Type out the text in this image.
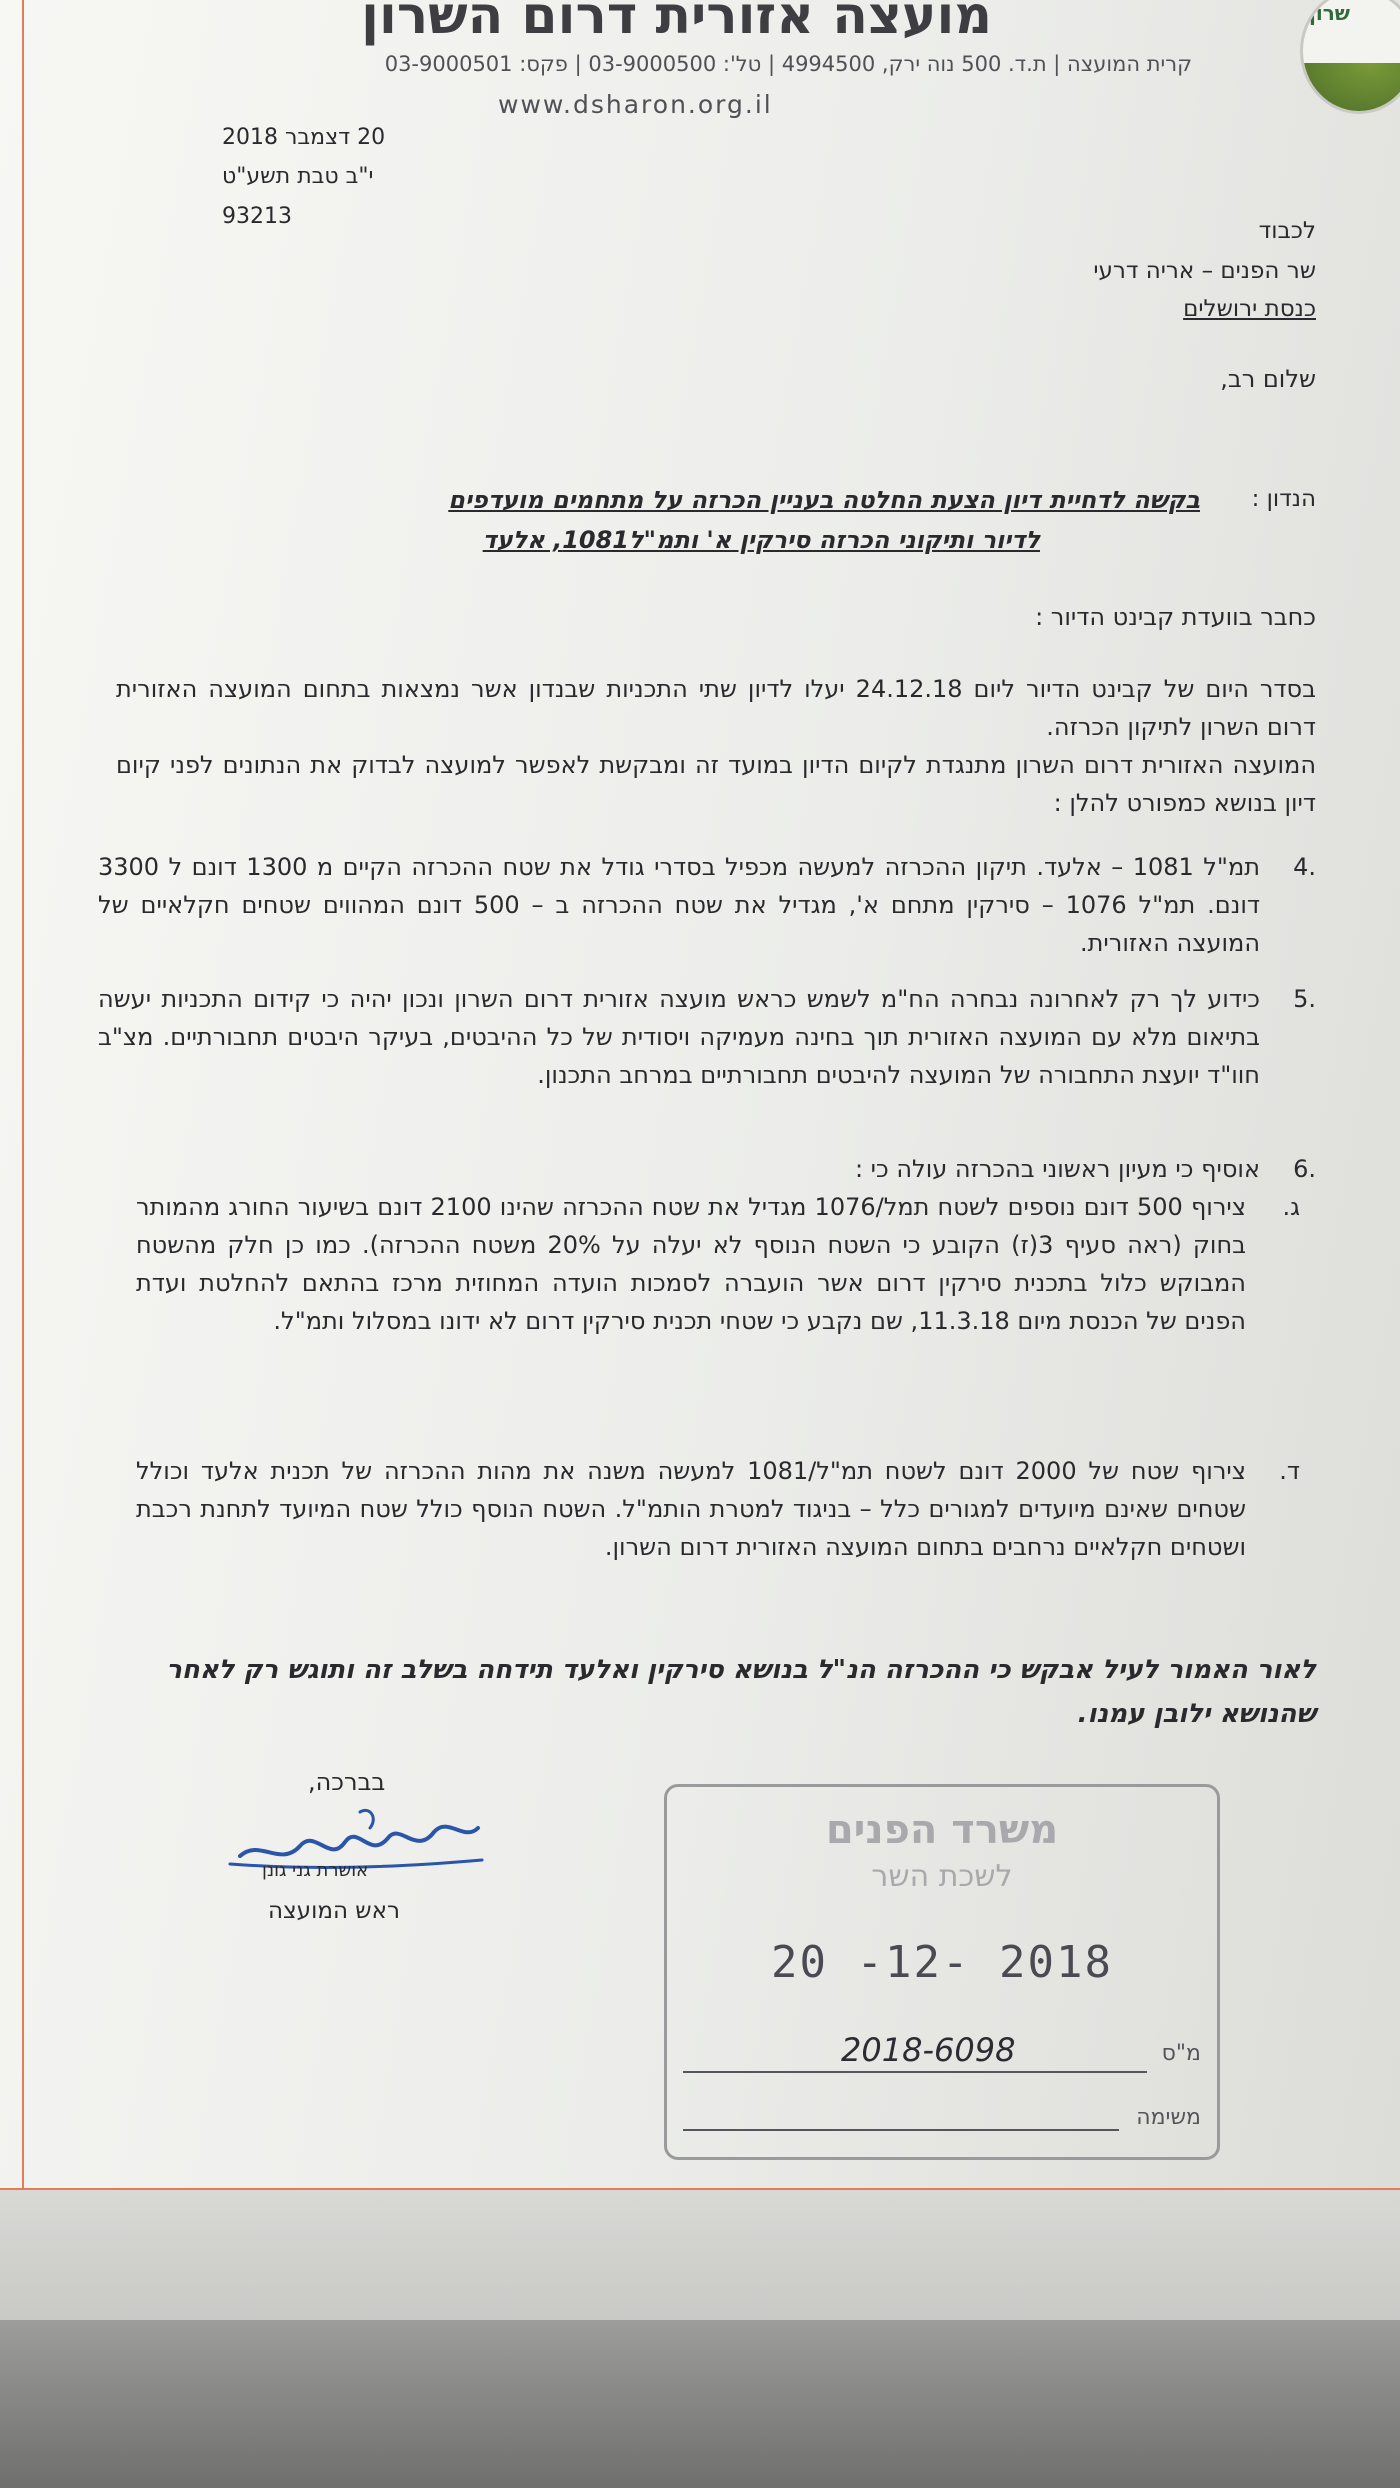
שרון
מועצה אזורית דרום השרון
קרית המועצה | ת.ד. 500 נוה ירק, 4994500 | טל': 03-9000500 | פקס: 03-9000501
www.dsharon.org.il
20 דצמבר 2018
י"ב טבת תשע"ט
93213
לכבוד
שר הפנים – אריה דרעי
כנסת ירושלים
שלום רב,
הנדון :
בקשה לדחיית דיון הצעת החלטה בעניין הכרזה על מתחמים מועדפים
לדיור ותיקוני הכרזה סירקין א' ותמ"ל1081, אלעד
כחבר בוועדת קבינט הדיור :
בסדר היום של קבינט הדיור ליום 24.12.18 יעלו לדיון שתי התכניות שבנדון אשר נמצאות בתחום המועצה האזורית דרום השרון לתיקון הכרזה.
המועצה האזורית דרום השרון מתנגדת לקיום הדיון במועד זה ומבקשת לאפשר למועצה לבדוק את הנתונים לפני קיום דיון בנושא כמפורט להלן :
.4
תמ"ל 1081 – אלעד. תיקון ההכרזה למעשה מכפיל בסדרי גודל את שטח ההכרזה הקיים מ 1300 דונם ל 3300 דונם. תמ"ל 1076 – סירקין מתחם א', מגדיל את שטח ההכרזה ב – 500 דונם המהווים שטחים חקלאיים של המועצה האזורית.
.5
כידוע לך רק לאחרונה נבחרה הח"מ לשמש כראש מועצה אזורית דרום השרון ונכון יהיה כי קידום התכניות יעשה בתיאום מלא עם המועצה האזורית תוך בחינה מעמיקה ויסודית של כל ההיבטים, בעיקר היבטים תחבורתיים. מצ"ב חוו"ד יועצת התחבורה של המועצה להיבטים תחבורתיים במרחב התכנון.
.6
אוסיף כי מעיון ראשוני בהכרזה עולה כי :
ג.
צירוף 500 דונם נוספים לשטח תמל/1076 מגדיל את שטח ההכרזה שהינו 2100 דונם בשיעור החורג מהמותר בחוק (ראה סעיף 3(ז) הקובע כי השטח הנוסף לא יעלה על 20% משטח ההכרזה). כמו כן חלק מהשטח המבוקש כלול בתכנית סירקין דרום אשר הועברה לסמכות הועדה המחוזית מרכז בהתאם להחלטת ועדת הפנים של הכנסת מיום 11.3.18, שם נקבע כי שטחי תכנית סירקין דרום לא ידונו במסלול ותמ"ל.
ד.
צירוף שטח של 2000 דונם לשטח תמ"ל/1081 למעשה משנה את מהות ההכרזה של תכנית אלעד וכולל שטחים שאינם מיועדים למגורים כלל – בניגוד למטרת הותמ"ל. השטח הנוסף כולל שטח המיועד לתחנת רכבת ושטחים חקלאיים נרחבים בתחום המועצה האזורית דרום השרון.
לאור האמור לעיל אבקש כי ההכרזה הנ"ל בנושא סירקין ואלעד תידחה בשלב זה ותוגש רק לאחר שהנושא ילובן עמנו.
בברכה,
אושרת גני גונן
ראש המועצה
משרד הפנים
לשכת השר
20 -12- 2018
מ"ס
2018-6098
משימה
